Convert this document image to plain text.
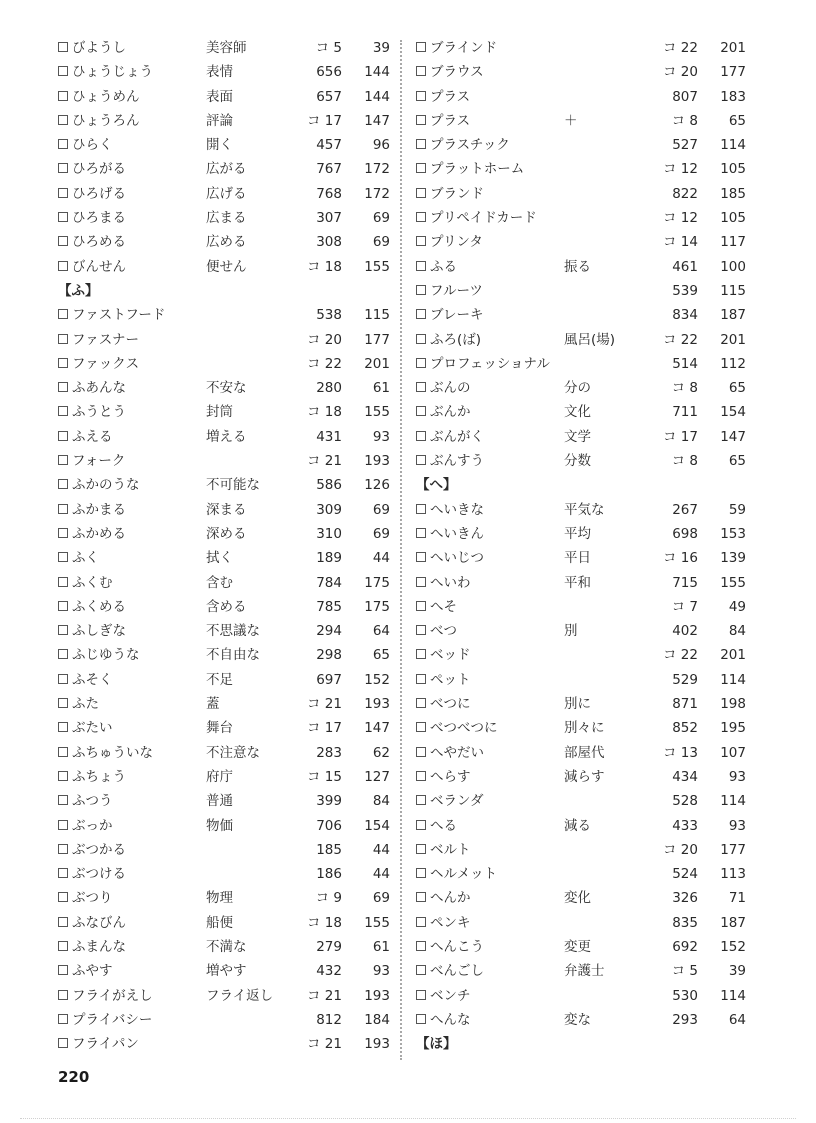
びようし	美容師	コ 5 39
ひょうじょう	表情	656 144
ひょうめん	表面	657 144
ひょうろん	評論	コ 17 147
ひらく	開く	457 96
ひろがる	広がる	767 172
ひろげる	広げる	768 172
ひろまる	広まる	307 69
ひろめる	広める	308 69
びんせん	便せん	コ 18 155
【ふ】
ファストフード	538 115
ファスナー	コ 20 177
ファックス	コ 22 201
ふあんな	不安な	280 61
ふうとう	封筒	コ 18 155
ふえる	増える	431 93
フォーク	コ 21 193
ふかのうな	不可能な	586 126
ふかまる	深まる	309 69
ふかめる	深める	310 69
ふく	拭く	189 44
ふくむ	含む	784 175
ふくめる	含める	785 175
ふしぎな	不思議な	294 64
ふじゆうな	不自由な	298 65
ふそく	不足	697 152
ふた	蓋	コ 21 193
ぶたい	舞台	コ 17 147
ふちゅういな	不注意な	283 62
ふちょう	府庁	コ 15 127
ふつう	普通	399 84
ぶっか	物価	706 154
ぶつかる	185 44
ぶつける	186 44
ぶつり	物理	コ 9 69
ふなびん	船便	コ 18 155
ふまんな	不満な	279 61
ふやす	増やす	432 93
フライがえし	フライ返し	コ 21 193
プライバシー	812 184
フライパン	コ 21 193
ブラインド	コ 22 201
ブラウス	コ 20 177
プラス	807 183
プラス	＋	コ 8 65
プラスチック	527 114
プラットホーム	コ 12 105
ブランド	822 185
プリペイドカード	コ 12 105
プリンタ	コ 14 117
ふる	振る	461 100
フルーツ	539 115
ブレーキ	834 187
ふろ(ば)	風呂(場)	コ 22 201
プロフェッショナル	514 112
ぶんの	分の	コ 8 65
ぶんか	文化	711 154
ぶんがく	文学	コ 17 147
ぶんすう	分数	コ 8 65
【へ】
へいきな	平気な	267 59
へいきん	平均	698 153
へいじつ	平日	コ 16 139
へいわ	平和	715 155
へそ	コ 7 49
べつ	別	402 84
ベッド	コ 22 201
ペット	529 114
べつに	別に	871 198
べつべつに	別々に	852 195
へやだい	部屋代	コ 13 107
へらす	減らす	434 93
ベランダ	528 114
へる	減る	433 93
ベルト	コ 20 177
ヘルメット	524 113
へんか	変化	326 71
ペンキ	835 187
へんこう	変更	692 152
べんごし	弁護士	コ 5 39
ベンチ	530 114
へんな	変な	293 64
【ほ】
220
